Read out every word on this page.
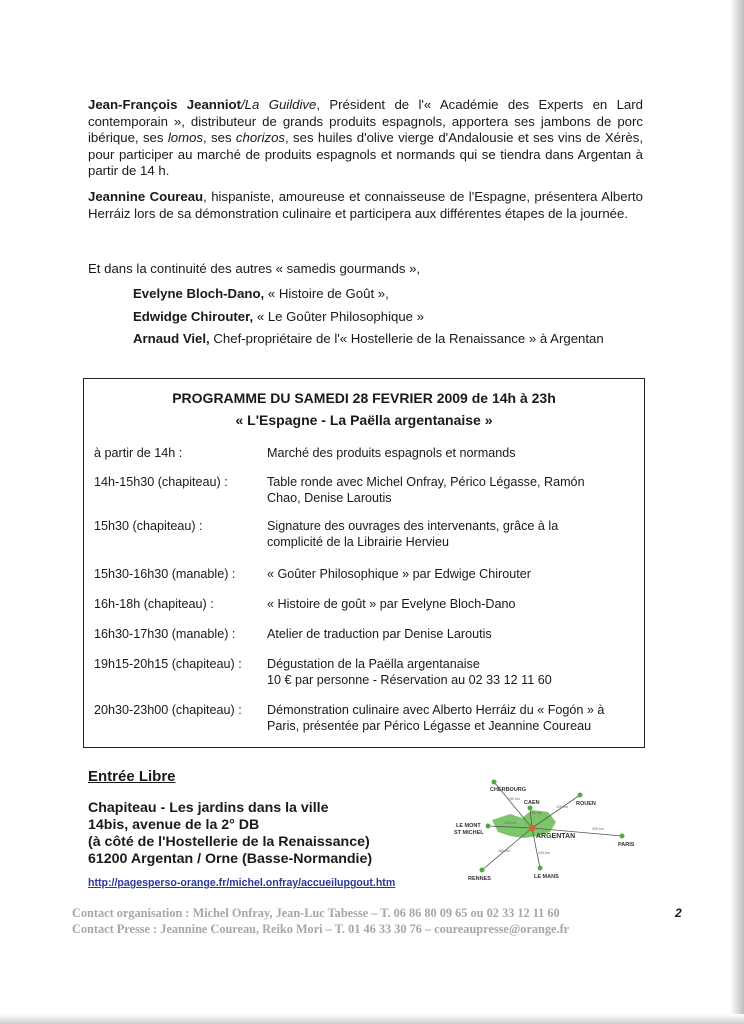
Jean-François Jeanniot/La Guildive, Président de l'« Académie des Experts en Lard contemporain », distributeur de grands produits espagnols, apportera ses jambons de porc ibérique, ses lomos, ses chorizos, ses huiles d'olive vierge d'Andalousie et ses vins de Xérès, pour participer au marché de produits espagnols et normands qui se tiendra dans Argentan à partir de 14 h.

Jeannine Coureau, hispaniste, amoureuse et connaisseuse de l'Espagne, présentera Alberto Herráiz lors de sa démonstration culinaire et participera aux différentes étapes de la journée.

Et dans la continuité des autres « samedis gourmands »,

Evelyne Bloch-Dano, « Histoire de Goût »,

Edwidge Chirouter, « Le Goûter Philosophique »

Arnaud Viel, Chef-propriétaire de l'« Hostellerie de la Renaissance » à Argentan

PROGRAMME DU SAMEDI 28 FEVRIER 2009 de 14h à 23h

« L'Espagne - La Paëlla argentanaise »

à partir de 14h :	Marché des produits espagnols et normands
14h-15h30 (chapiteau) :	Table ronde avec Michel Onfray, Périco Légasse, Ramón Chao, Denise Laroutis
15h30 (chapiteau) :	Signature des ouvrages des intervenants, grâce à la complicité de la Librairie Hervieu
15h30-16h30 (manable) :	« Goûter Philosophique » par Edwige Chirouter
16h-18h (chapiteau) :	« Histoire de goût » par Evelyne Bloch-Dano
16h30-17h30 (manable) :	Atelier de traduction par Denise Laroutis
19h15-20h15 (chapiteau) :	Dégustation de la Paëlla argentanaise
10 € par personne - Réservation au 02 33 12 11 60
20h30-23h00 (chapiteau) :	Démonstration culinaire avec Alberto Herráiz du « Fogón » à Paris, présentée par Périco Légasse et Jeannine Coureau

Entrée Libre

Chapiteau - Les jardins dans la ville

14bis, avenue de la 2° DB

(à côté de l'Hostellerie de la Renaissance)

61200 Argentan / Orne (Basse-Normandie)

http://pagesperso-orange.fr/michel.onfray/accueilupgout.htm

CHERBOURG
CAEN	ROUEN
LE MONT
ST MICHEL	ARGENTAN
PARIS
RENNES	LE MANS
150 km
60 km
125 km
100 km
200 km
160 km	100 km

Contact organisation : Michel Onfray, Jean-Luc Tabesse – T. 06 86 80 09 65 ou 02 33 12 11 60

Contact Presse : Jeannine Coureau, Reiko Mori – T. 01 46 33 30 76 – coureaupresse@orange.fr

2
